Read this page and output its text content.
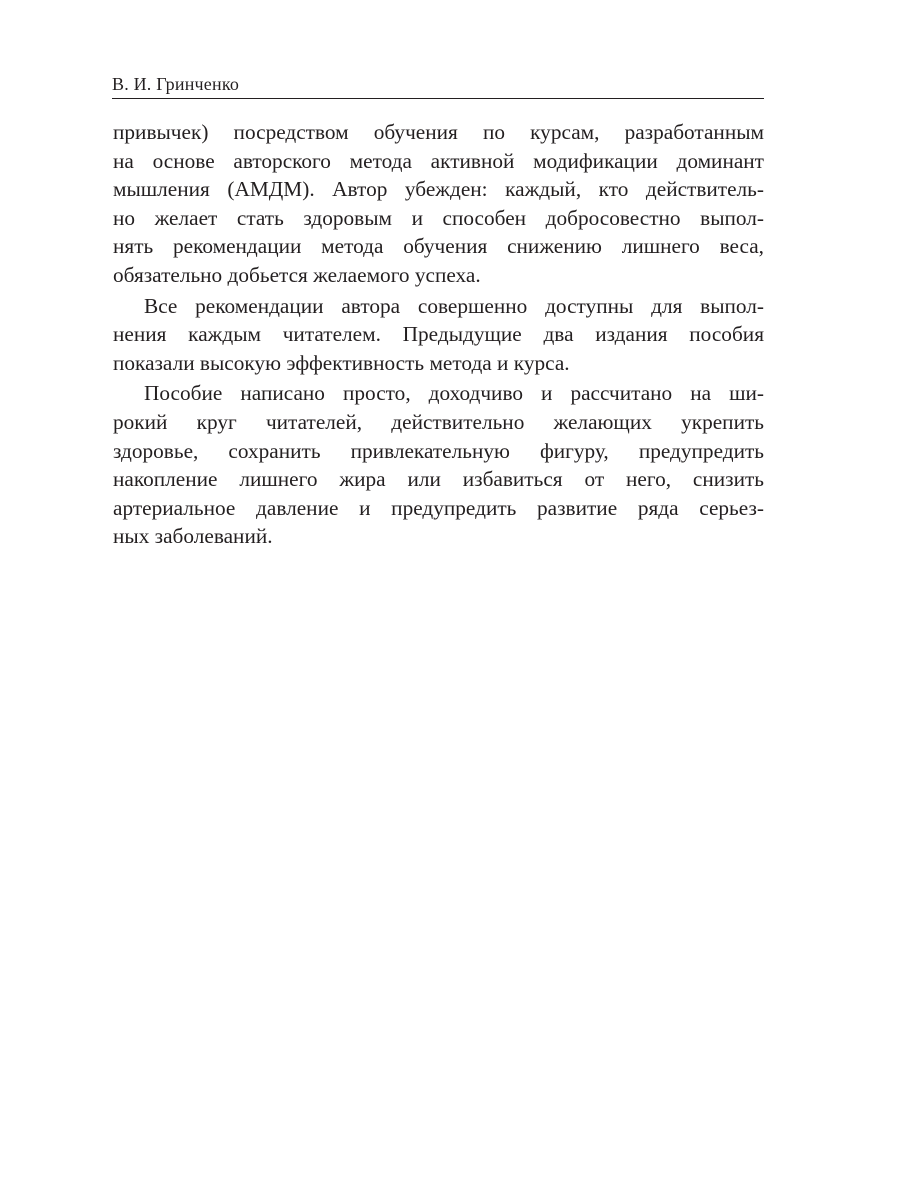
В. И. Гринченко
привычек) посредством обучения по курсам, разработанным
на основе авторского метода активной модификации доминант
мышления (АМДМ). Автор убежден: каждый, кто действитель-
но желает стать здоровым и способен добросовестно выпол-
нять рекомендации метода обучения снижению лишнего веса,
обязательно добьется желаемого успеха.
Все рекомендации автора совершенно доступны для выпол-
нения каждым читателем. Предыдущие два издания пособия
показали высокую эффективность метода и курса.
Пособие написано просто, доходчиво и рассчитано на ши-
рокий круг читателей, действительно желающих укрепить
здоровье, сохранить привлекательную фигуру, предупредить
накопление лишнего жира или избавиться от него, снизить
артериальное давление и предупредить развитие ряда серьез-
ных заболеваний.
